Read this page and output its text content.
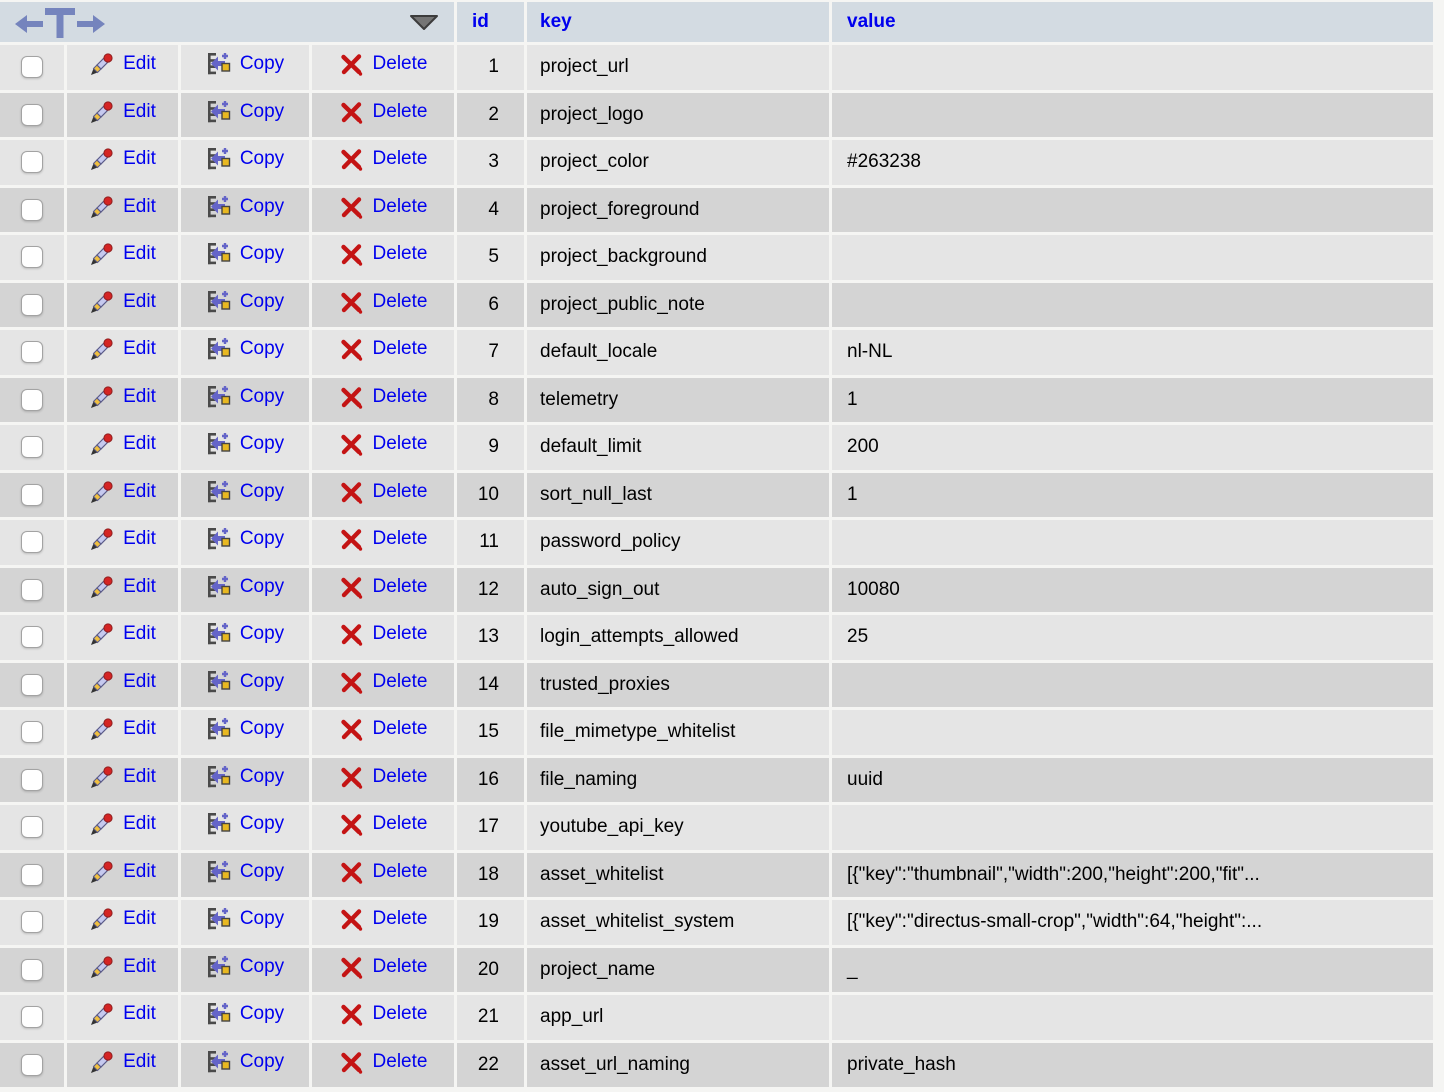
	id	key	value

	Edit	Copy	Delete	1	project_url	

	Edit	Copy	Delete	2	project_logo	

	Edit	Copy	Delete	3	project_color	#263238

	Edit	Copy	Delete	4	project_foreground	

	Edit	Copy	Delete	5	project_background	

	Edit	Copy	Delete	6	project_public_note	

	Edit	Copy	Delete	7	default_locale	nl-NL

	Edit	Copy	Delete	8	telemetry	1

	Edit	Copy	Delete	9	default_limit	200

	Edit	Copy	Delete	10	sort_null_last	1

	Edit	Copy	Delete	11	password_policy	

	Edit	Copy	Delete	12	auto_sign_out	10080

	Edit	Copy	Delete	13	login_attempts_allowed	25

	Edit	Copy	Delete	14	trusted_proxies	

	Edit	Copy	Delete	15	file_mimetype_whitelist	

	Edit	Copy	Delete	16	file_naming	uuid

	Edit	Copy	Delete	17	youtube_api_key	

	Edit	Copy	Delete	18	asset_whitelist	[{"key":"thumbnail","width":200,"height":200,"fit"...

	Edit	Copy	Delete	19	asset_whitelist_system	[{"key":"directus-small-crop","width":64,"height":...

	Edit	Copy	Delete	20	project_name	_

	Edit	Copy	Delete	21	app_url	

	Edit	Copy	Delete	22	asset_url_naming	private_hash
